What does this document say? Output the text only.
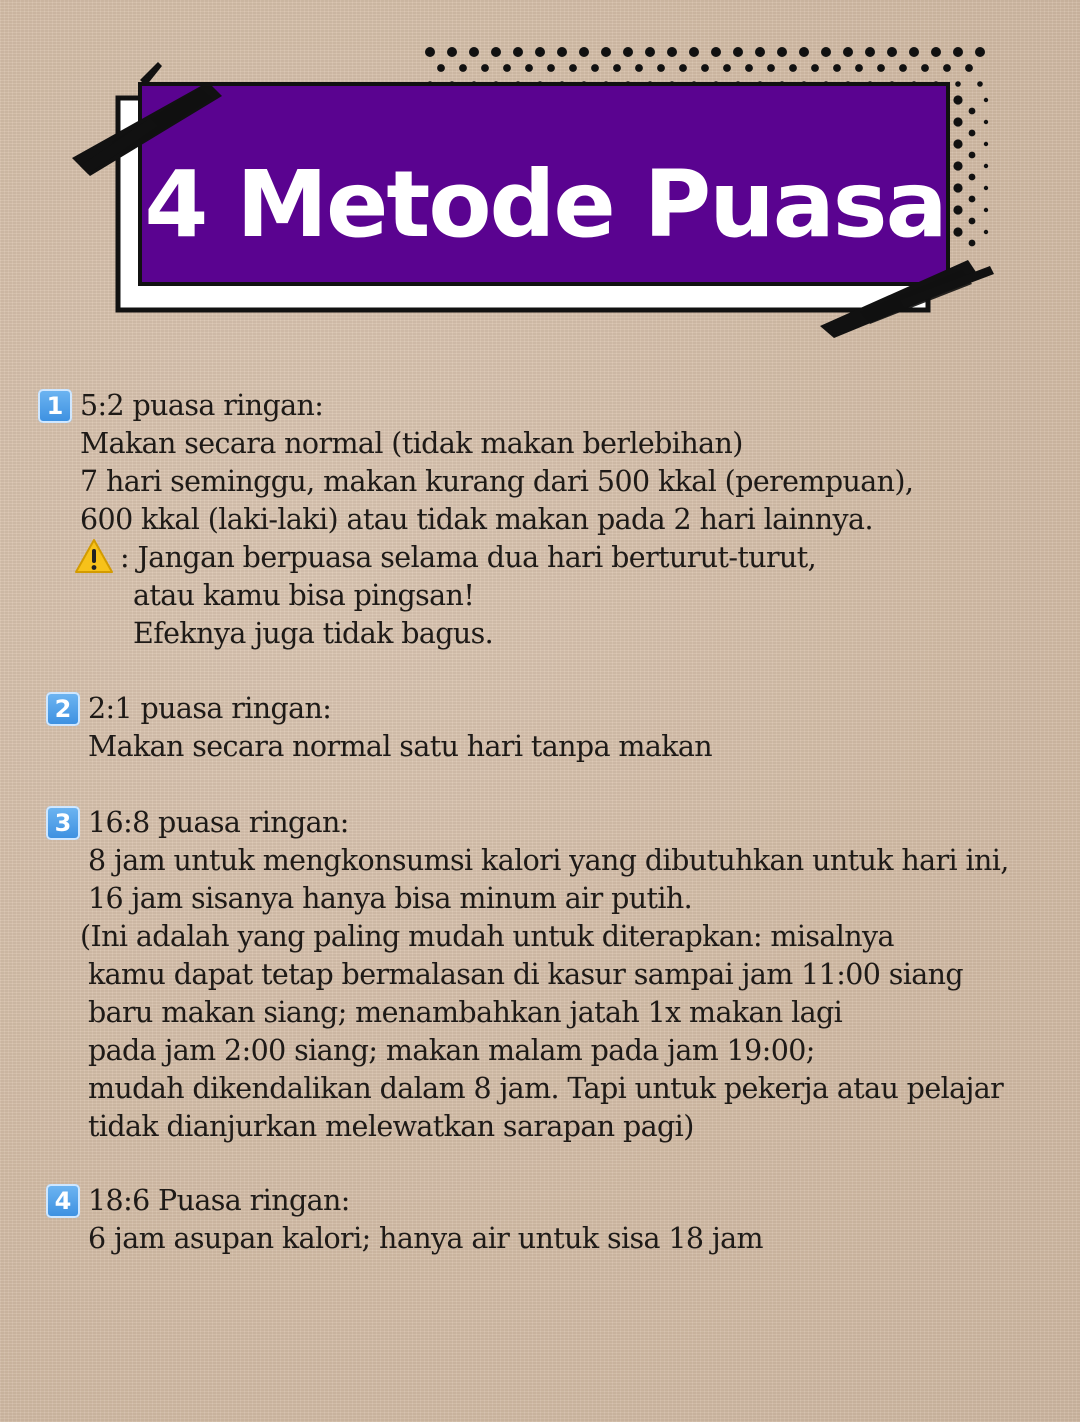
4 Metode Puasa
1 5:2 puasa ringan:
Makan secara normal (tidak makan berlebihan)
7 hari seminggu, makan kurang dari 500 kkal (perempuan),
600 kkal (laki-laki) atau tidak makan pada 2 hari lainnya.
: Jangan berpuasa selama dua hari berturut-turut,
atau kamu bisa pingsan!
Efeknya juga tidak bagus.
2 2:1 puasa ringan:
Makan secara normal satu hari tanpa makan
3 16:8 puasa ringan:
8 jam untuk mengkonsumsi kalori yang dibutuhkan untuk hari ini,
16 jam sisanya hanya bisa minum air putih.
(Ini adalah yang paling mudah untuk diterapkan: misalnya
kamu dapat tetap bermalasan di kasur sampai jam 11:00 siang
baru makan siang; menambahkan jatah 1x makan lagi
pada jam 2:00 siang; makan malam pada jam 19:00;
mudah dikendalikan dalam 8 jam. Tapi untuk pekerja atau pelajar
tidak dianjurkan melewatkan sarapan pagi)
4 18:6 Puasa ringan:
6 jam asupan kalori; hanya air untuk sisa 18 jam
